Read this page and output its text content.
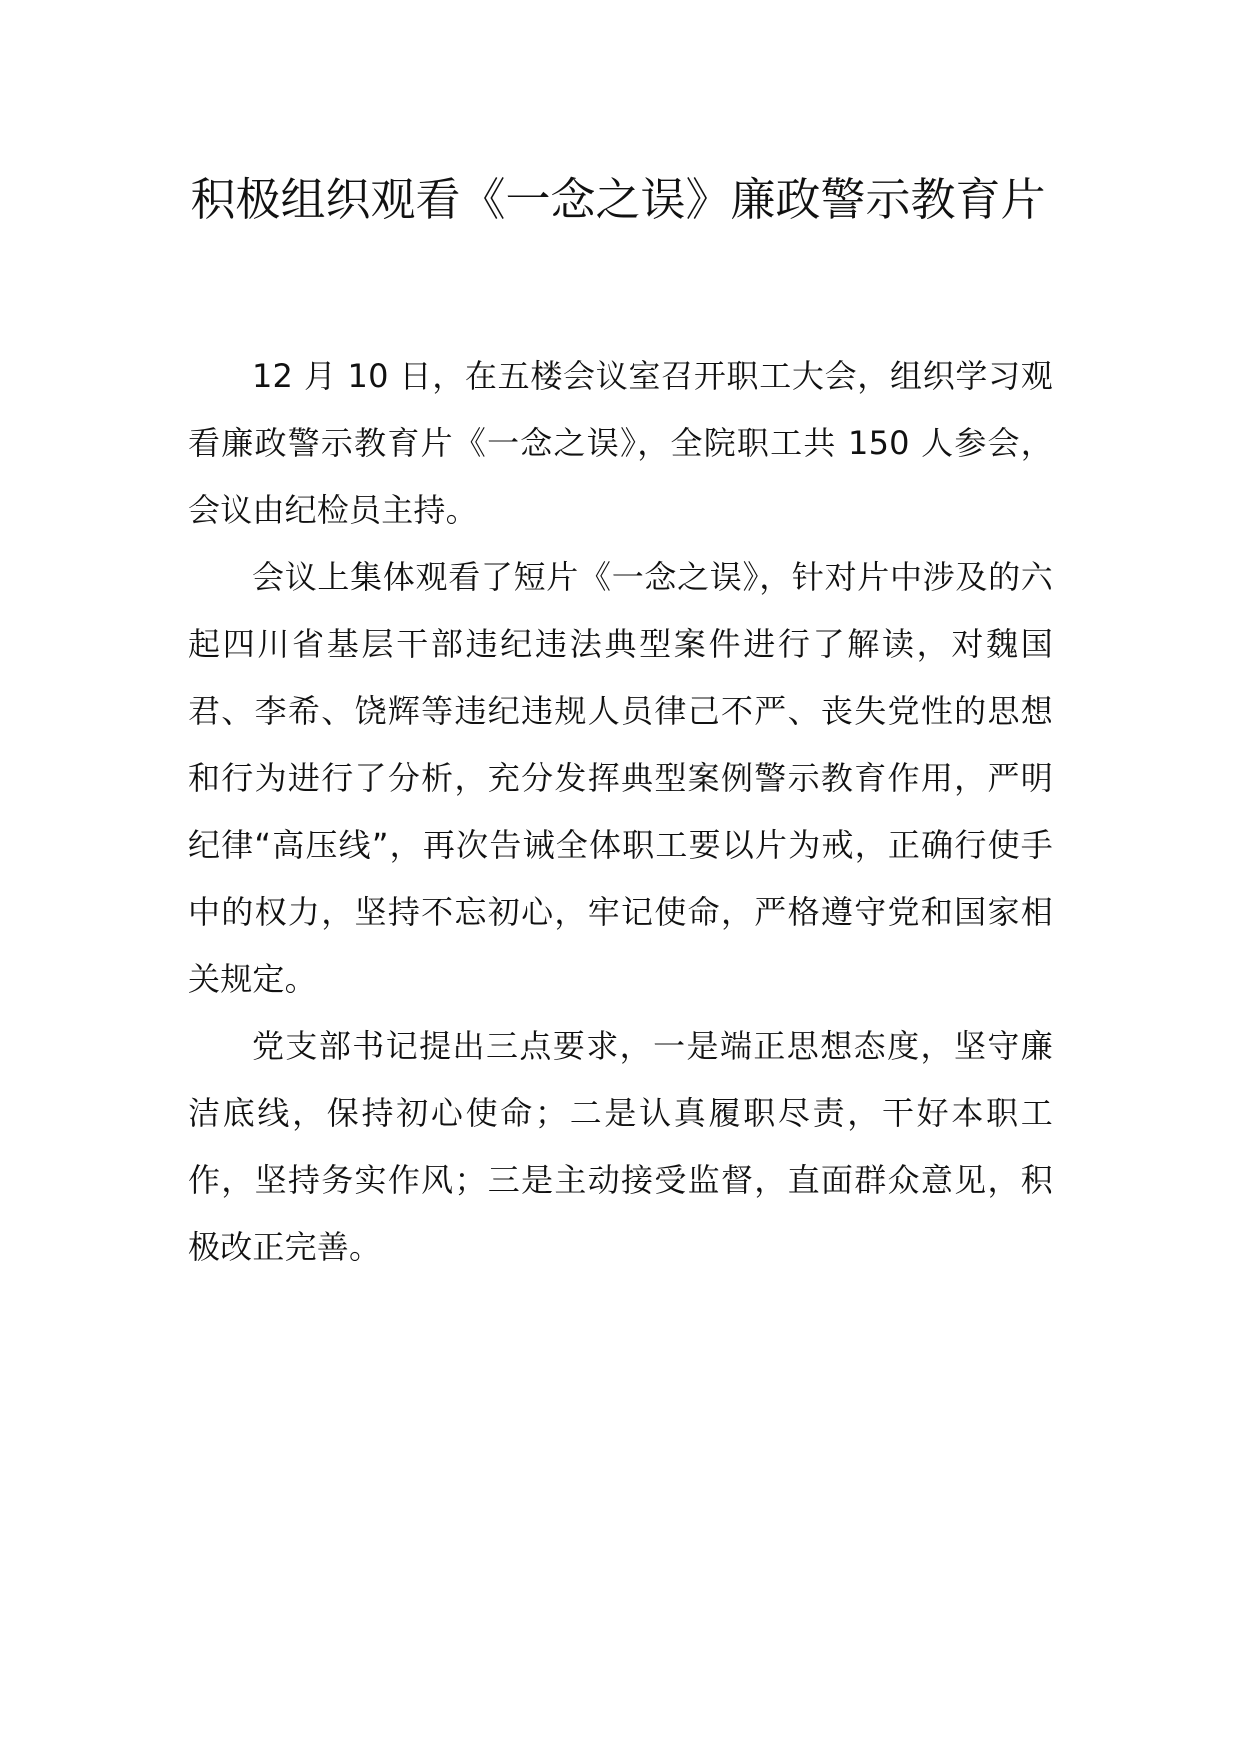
积极组织观看《一念之误》廉政警示教育片

12 月 10 日，在五楼会议室召开职工大会，组织学习观看廉政警示教育片《一念之误》，全院职工共 150 人参会，会议由纪检员主持。

会议上集体观看了短片《一念之误》，针对片中涉及的六起四川省基层干部违纪违法典型案件进行了解读，对魏国君、李希、饶辉等违纪违规人员律己不严、丧失党性的思想和行为进行了分析，充分发挥典型案例警示教育作用，严明纪律“高压线”，再次告诫全体职工要以片为戒，正确行使手中的权力，坚持不忘初心，牢记使命，严格遵守党和国家相关规定。

党支部书记提出三点要求，一是端正思想态度，坚守廉洁底线，保持初心使命；二是认真履职尽责，干好本职工作，坚持务实作风；三是主动接受监督，直面群众意见，积极改正完善。
